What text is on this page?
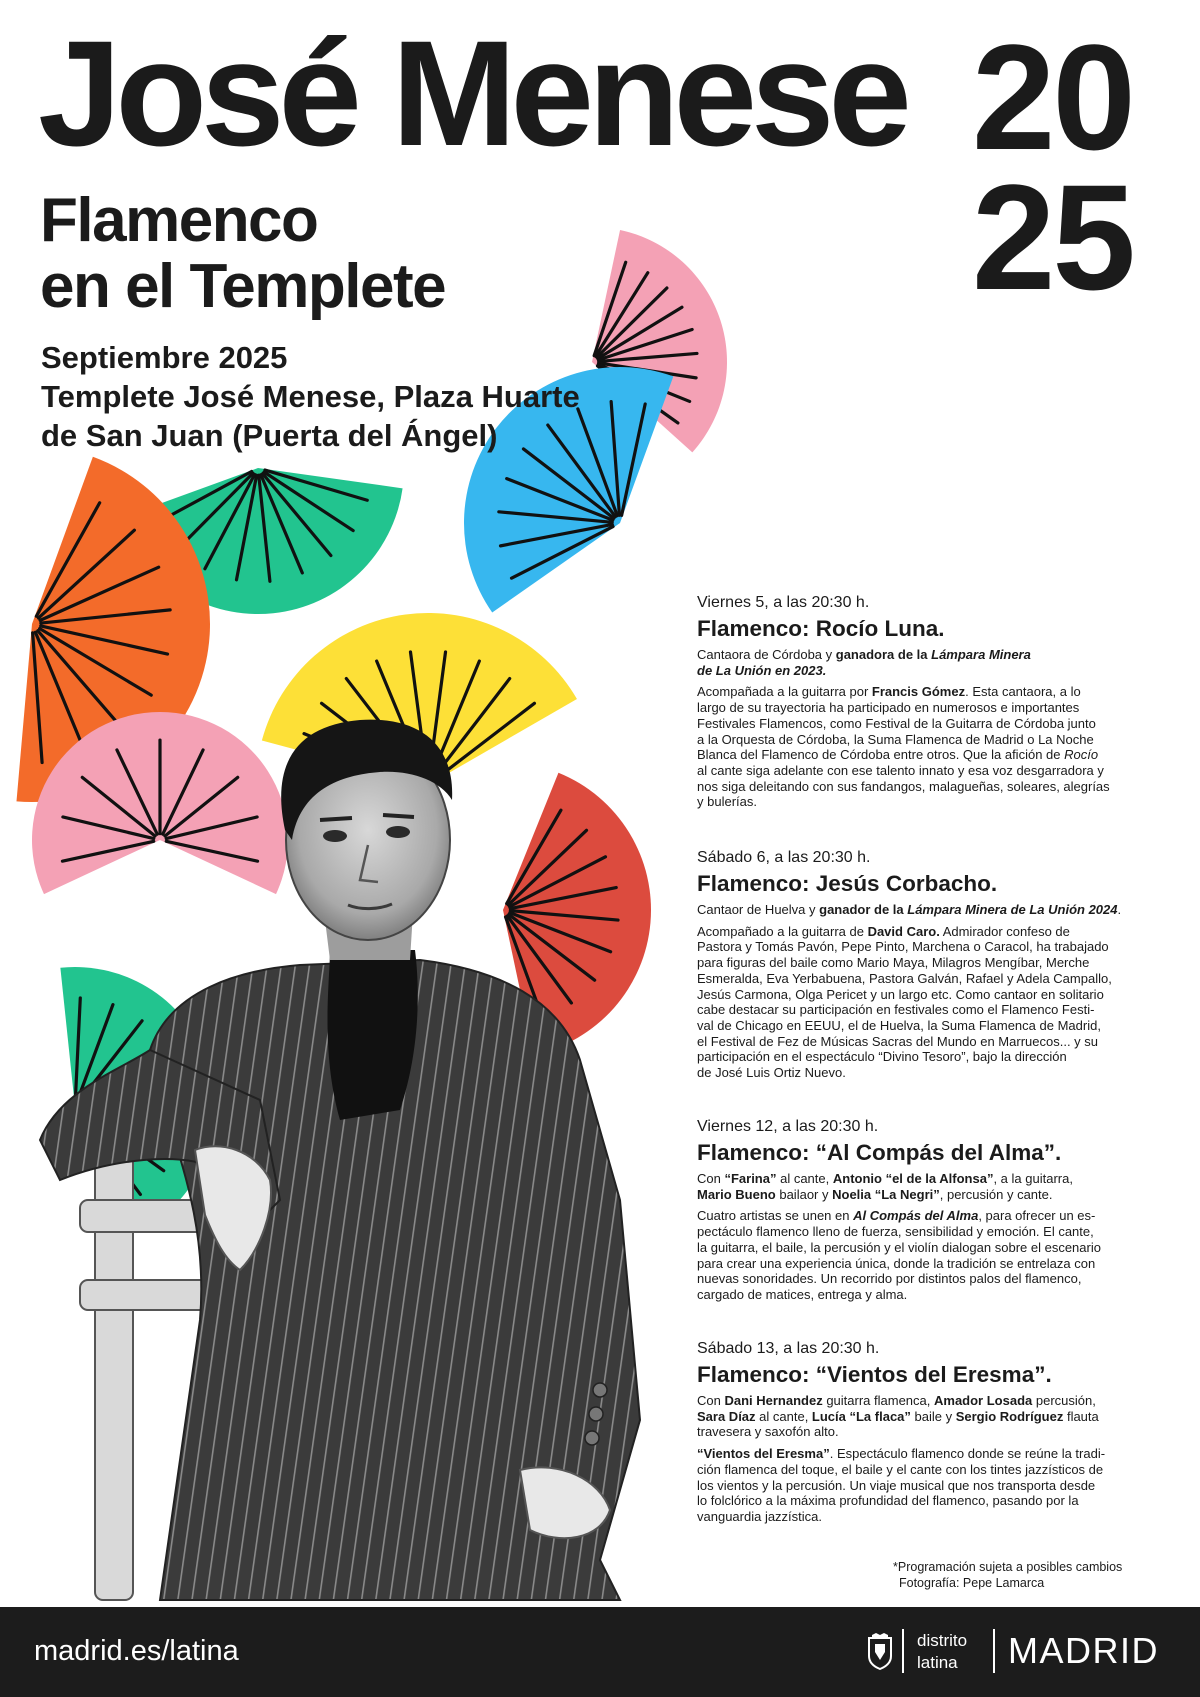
José Menese 20
25
Flamenco
en el Templete
Septiembre 2025
Templete José Menese, Plaza Huarte
de San Juan (Puerta del Ángel)
Viernes 5, a las 20:30 h.
Flamenco: Rocío Luna.
Cantaora de Córdoba y ganadora de la Lámpara Minera
de La Unión en 2023.
Acompañada a la guitarra por Francis Gómez. Esta cantaora, a lo
largo de su trayectoria ha participado en numerosos e importantes
Festivales Flamencos, como Festival de la Guitarra de Córdoba junto
a la Orquesta de Córdoba, la Suma Flamenca de Madrid o La Noche
Blanca del Flamenco de Córdoba entre otros. Que la afición de Rocío
al cante siga adelante con ese talento innato y esa voz desgarradora y
nos siga deleitando con sus fandangos, malagueñas, soleares, alegrías
y bulerías.
Sábado 6, a las 20:30 h.
Flamenco: Jesús Corbacho.
Cantaor de Huelva y ganador de la Lámpara Minera de La Unión 2024.
Acompañado a la guitarra de David Caro. Admirador confeso de
Pastora y Tomás Pavón, Pepe Pinto, Marchena o Caracol, ha trabajado
para figuras del baile como Mario Maya, Milagros Mengíbar, Merche
Esmeralda, Eva Yerbabuena, Pastora Galván, Rafael y Adela Campallo,
Jesús Carmona, Olga Pericet y un largo etc. Como cantaor en solitario
cabe destacar su participación en festivales como el Flamenco Festi-
val de Chicago en EEUU, el de Huelva, la Suma Flamenca de Madrid,
el Festival de Fez de Músicas Sacras del Mundo en Marruecos... y su
participación en el espectáculo “Divino Tesoro”, bajo la dirección
de José Luis Ortiz Nuevo.
Viernes 12, a las 20:30 h.
Flamenco: “Al Compás del Alma”.
Con “Farina” al cante, Antonio “el de la Alfonsa”, a la guitarra,
Mario Bueno bailaor y Noelia “La Negri”, percusión y cante.
Cuatro artistas se unen en Al Compás del Alma, para ofrecer un es-
pectáculo flamenco lleno de fuerza, sensibilidad y emoción. El cante,
la guitarra, el baile, la percusión y el violín dialogan sobre el escenario
para crear una experiencia única, donde la tradición se entrelaza con
nuevas sonoridades. Un recorrido por distintos palos del flamenco,
cargado de matices, entrega y alma.
Sábado 13, a las 20:30 h.
Flamenco: “Vientos del Eresma”.
Con Dani Hernandez guitarra flamenca, Amador Losada percusión,
Sara Díaz al cante, Lucía “La flaca” baile y Sergio Rodríguez flauta
travesera y saxofón alto.
“Vientos del Eresma”. Espectáculo flamenco donde se reúne la tradi-
ción flamenca del toque, el baile y el cante con los tintes jazzísticos de
los vientos y la percusión. Un viaje musical que nos transporta desde
lo folclórico a la máxima profundidad del flamenco, pasando por la
vanguardia jazzística.
*Programación sujeta a posibles cambios
Fotografía: Pepe Lamarca
madrid.es/latina	distrito
latina MADRID
